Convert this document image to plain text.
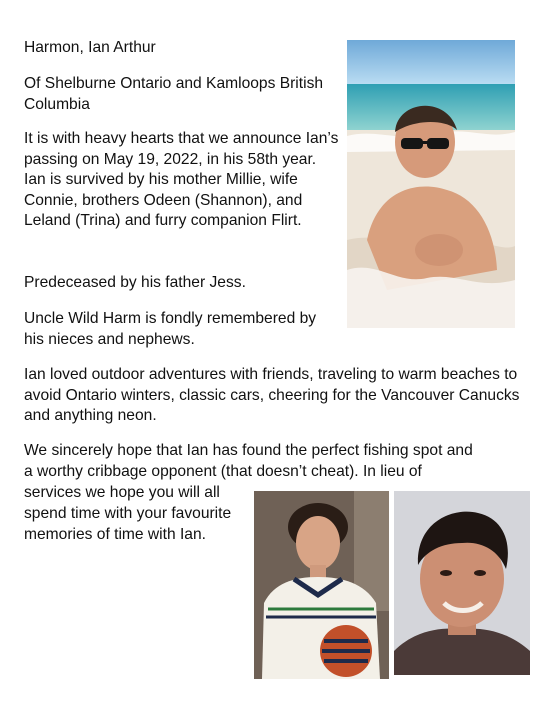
Harmon, Ian Arthur

Of Shelburne Ontario and Kamloops British Columbia

It is with heavy hearts that we announce Ian’s passing on May 19, 2022, in his 58th year. Ian is survived by his mother Millie, wife Connie, brothers Odeen (Shannon), and Leland (Trina) and furry companion Flirt.

Predeceased by his father Jess.

Uncle Wild Harm is fondly remembered by his nieces and nephews.

Ian loved outdoor adventures with friends, traveling to warm beaches to avoid Ontario winters, classic cars, cheering for the Vancouver Canucks and anything neon.

We sincerely hope that Ian has found the perfect fishing spot and

a worthy cribbage opponent (that doesn’t cheat). In lieu of

services we hope you will all

spend time with your favourite

memories of time with Ian.
